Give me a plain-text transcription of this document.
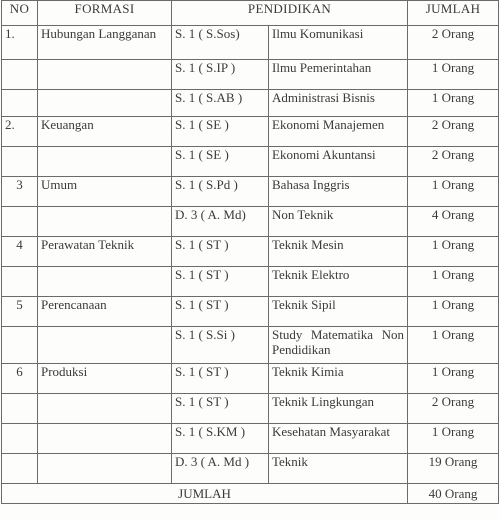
NO	FORMASI	PENDIDIKAN		JUMLAH
1.	Hubungan Langganan	S. 1 ( S.Sos)	Ilmu Komunikasi	2 Orang
		S. 1 ( S.IP )	Ilmu Pemerintahan	1 Orang
		S. 1 ( S.AB )	Administrasi Bisnis	1 Orang
2.	Keuangan	S. 1 ( SE )	Ekonomi Manajemen	2 Orang
		S. 1 ( SE )	Ekonomi Akuntansi	2 Orang
3	Umum	S. 1 ( S.Pd )	Bahasa Inggris	1 Orang
		D. 3 ( A. Md)	Non Teknik	4 Orang
4	Perawatan Teknik	S. 1 ( ST )	Teknik Mesin	1 Orang
		S. 1 ( ST )	Teknik Elektro	1 Orang
5	Perencanaan	S. 1 ( ST )	Teknik Sipil	1 Orang
		S. 1 ( S.Si )	Study Matematika Non Pendidikan	1 Orang
6	Produksi	S. 1 ( ST )	Teknik Kimia	1 Orang
		S. 1 ( ST )	Teknik Lingkungan	2 Orang
		S. 1 ( S.KM )	Kesehatan Masyarakat	1 Orang
		D. 3 ( A. Md )	Teknik	19 Orang
JUMLAH				40 Orang
